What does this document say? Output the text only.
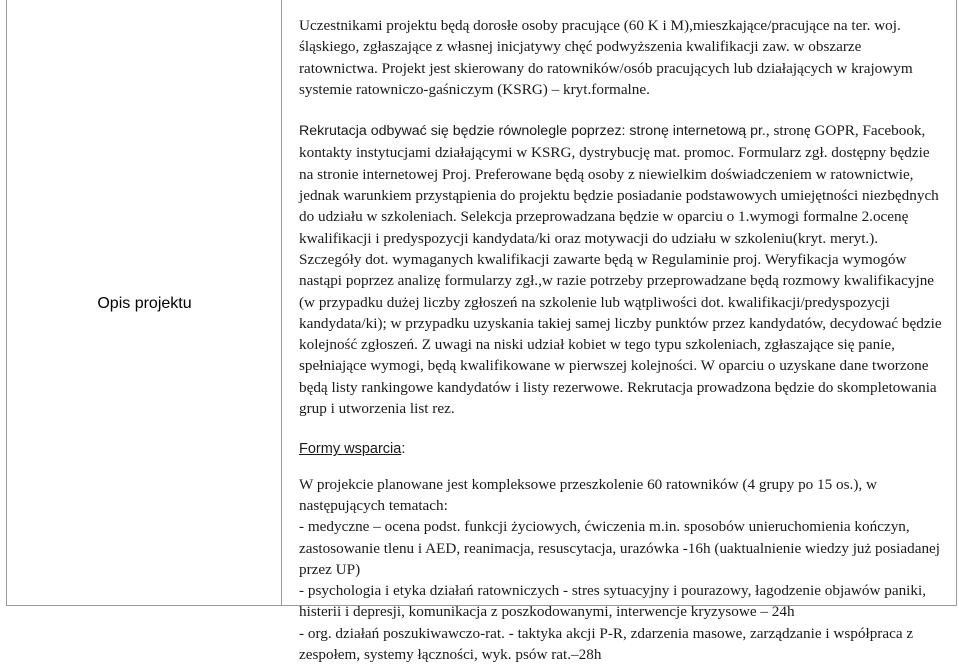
Opis projektu

Uczestnikami projektu będą dorosłe osoby pracujące (60 K i M),mieszkające/pracujące na ter. woj. śląskiego, zgłaszające z własnej inicjatywy chęć podwyższenia kwalifikacji zaw. w obszarze ratownictwa. Projekt jest skierowany do ratowników/osób pracujących lub działających w krajowym systemie ratowniczo-gaśniczym (KSRG) – kryt.formalne.

Rekrutacja odbywać się będzie równolegle poprzez: stronę internetową pr., stronę GOPR, Facebook, kontakty instytucjami działającymi w KSRG, dystrybucję mat. promoc. Formularz zgł. dostępny będzie na stronie internetowej Proj. Preferowane będą osoby z niewielkim doświadczeniem w ratownictwie, jednak warunkiem przystąpienia do projektu będzie posiadanie podstawowych umiejętności niezbędnych do udziału w szkoleniach. Selekcja przeprowadzana będzie w oparciu o 1.wymogi formalne 2.ocenę kwalifikacji i predyspozycji kandydata/ki oraz motywacji do udziału w szkoleniu(kryt. meryt.). Szczegóły dot. wymaganych kwalifikacji zawarte będą w Regulaminie proj. Weryfikacja wymogów nastąpi poprzez analizę formularzy zgł.,w razie potrzeby przeprowadzane będą rozmowy kwalifikacyjne (w przypadku dużej liczby zgłoszeń na szkolenie lub wątpliwości dot. kwalifikacji/predyspozycji kandydata/ki); w przypadku uzyskania takiej samej liczby punktów przez kandydatów, decydować będzie kolejność zgłoszeń. Z uwagi na niski udział kobiet w tego typu szkoleniach, zgłaszające się panie, spełniające wymogi, będą kwalifikowane w pierwszej kolejności. W oparciu o uzyskane dane tworzone będą listy rankingowe kandydatów i listy rezerwowe. Rekrutacja prowadzona będzie do skompletowania grup i utworzenia list rez.

Formy wsparcia:

W projekcie planowane jest kompleksowe przeszkolenie 60 ratowników (4 grupy po 15 os.), w następujących tematach:

- medyczne – ocena podst. funkcji życiowych, ćwiczenia m.in. sposobów unieruchomienia kończyn, zastosowanie tlenu i AED, reanimacja, resuscytacja, urazówka -16h (uaktualnienie wiedzy już posiadanej przez UP)

- psychologia i etyka działań ratowniczych - stres sytuacyjny i pourazowy, łagodzenie objawów paniki, histerii i depresji, komunikacja z poszkodowanymi, interwencje kryzysowe – 24h

- org. działań poszukiwawczo-rat. - taktyka akcji P-R, zdarzenia masowe, zarządzanie i współpraca z zespołem, systemy łączności, wyk. psów rat.–28h
